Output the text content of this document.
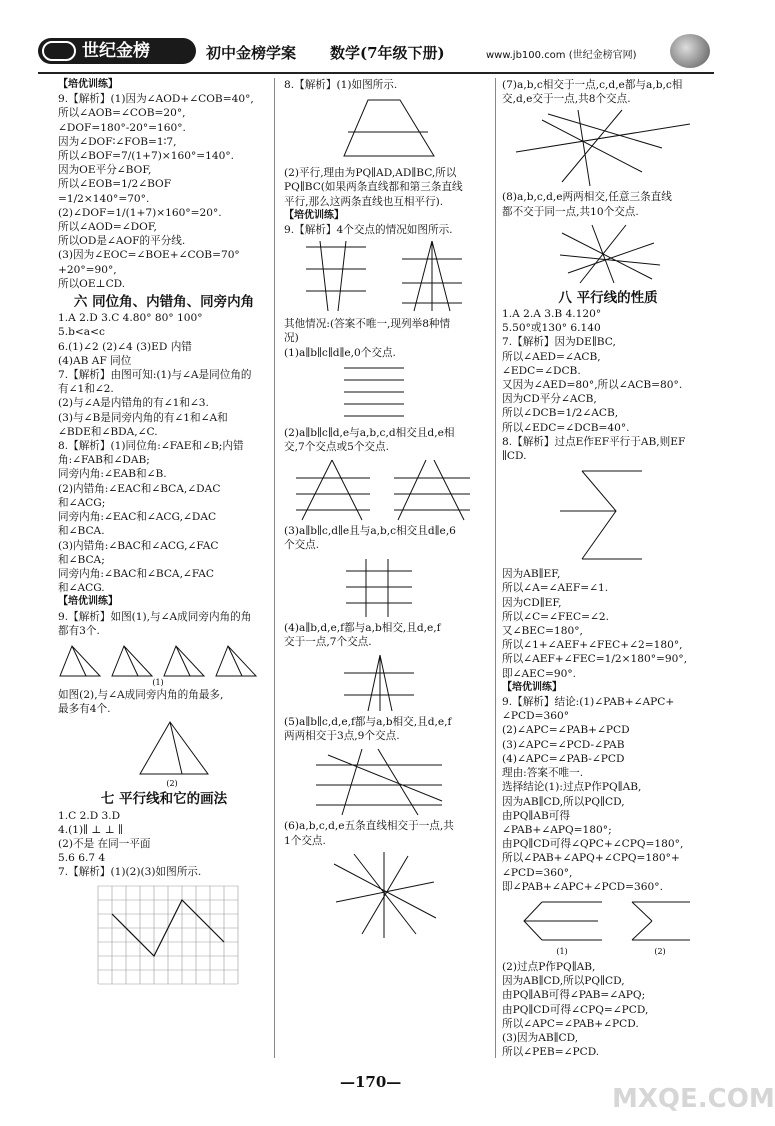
世纪金榜	初中金榜学案 数学(7年级下册)	www.jb100.com (世纪金榜官网)
【培优训练】
9.【解析】(1)因为∠AOD+∠COB=40°,
所以∠AOB=∠COB=20°,
∠DOF=180°-20°=160°.
因为∠DOF∶∠FOB=1∶7,
所以∠BOF=7/(1+7)×160°=140°.
因为OE平分∠BOF,
所以∠EOB=1/2∠BOF
=1/2×140°=70°.
(2)∠DOF=1/(1+7)×160°=20°.
所以∠AOD=∠DOF,
所以OD是∠AOF的平分线.
(3)因为∠EOC=∠BOE+∠COB=70°
+20°=90°,
所以OE⊥CD.
六 同位角、内错角、同旁内角
1.A 2.D 3.C 4.80° 80° 100°
5.b<a<c
6.(1)∠2 (2)∠4 (3)ED 内错
(4)AB AF 同位
7.【解析】由图可知:(1)与∠A是同位角的
有∠1和∠2.
(2)与∠A是内错角的有∠1和∠3.
(3)与∠B是同旁内角的有∠1和∠A和
∠BDE和∠BDA,∠C.
8.【解析】(1)同位角:∠FAE和∠B;内错
角:∠FAB和∠DAB;
同旁内角:∠EAB和∠B.
(2)内错角:∠EAC和∠BCA,∠DAC
和∠ACG;
同旁内角:∠EAC和∠ACG,∠DAC
和∠BCA.
(3)内错角:∠BAC和∠ACG,∠FAC
和∠BCA;
同旁内角:∠BAC和∠BCA,∠FAC
和∠ACG.
【培优训练】
9.【解析】如图(1),与∠A成同旁内角的角
都有3个.
(1)
如图(2),与∠A成同旁内角的角最多,
最多有4个.
(2)
七 平行线和它的画法
1.C 2.D 3.D
4.(1)∥ ⊥ ⊥ ∥
(2)不是 在同一平面
5.6 6.7 4
7.【解析】(1)(2)(3)如图所示.
8.【解析】(1)如图所示.
(2)平行,理由为PQ∥AD,AD∥BC,所以
PQ∥BC(如果两条直线都和第三条直线
平行,那么这两条直线也互相平行).
【培优训练】
9.【解析】4个交点的情况如图所示.
其他情况:(答案不唯一,现列举8种情
况)
(1)a∥b∥c∥d∥e,0个交点.
(2)a∥b∥c∥d,e与a,b,c,d相交且d,e相
交,7个交点或5个交点.
(3)a∥b∥c,d∥e且与a,b,c相交且d∥e,6
个交点.
(4)a∥b,d,e,f都与a,b相交,且d,e,f
交于一点,7个交点.
(5)a∥b∥c,d,e,f都与a,b相交,且d,e,f
两两相交于3点,9个交点.
(6)a,b,c,d,e五条直线相交于一点,共
1个交点.
(7)a,b,c相交于一点,c,d,e都与a,b,c相
交,d,e交于一点,共8个交点.
(8)a,b,c,d,e两两相交,任意三条直线
都不交于同一点,共10个交点.
八 平行线的性质
1.A 2.A 3.B 4.120°
5.50°或130° 6.140
7.【解析】因为DE∥BC,
所以∠AED=∠ACB,
∠EDC=∠DCB.
又因为∠AED=80°,所以∠ACB=80°.
因为CD平分∠ACB,
所以∠DCB=1/2∠ACB,
所以∠EDC=∠DCB=40°.
8.【解析】过点E作EF平行于AB,则EF
∥CD.
因为AB∥EF,
所以∠A=∠AEF=∠1.
因为CD∥EF,
所以∠C=∠FEC=∠2.
又∠BEC=180°,
所以∠1+∠AEF+∠FEC+∠2=180°,
所以∠AEF+∠FEC=1/2×180°=90°,
即∠AEC=90°.
【培优训练】
9.【解析】结论:(1)∠PAB+∠APC+
∠PCD=360°
(2)∠APC=∠PAB+∠PCD
(3)∠APC=∠PCD-∠PAB
(4)∠APC=∠PAB-∠PCD
理由:答案不唯一.
选择结论(1):过点P作PQ∥AB,
因为AB∥CD,所以PQ∥CD,
由PQ∥AB可得
∠PAB+∠APQ=180°;
由PQ∥CD可得∠QPC+∠CPQ=180°,
所以∠PAB+∠APQ+∠CPQ=180°+
∠PCD=360°,
即∠PAB+∠APC+∠PCD=360°.
(1)	(2)
(2)过点P作PQ∥AB,
因为AB∥CD,所以PQ∥CD,
由PQ∥AB可得∠PAB=∠APQ;
由PQ∥CD可得∠CPQ=∠PCD,
所以∠APC=∠PAB+∠PCD.
(3)因为AB∥CD,
所以∠PEB=∠PCD.
—170—
MXQE.COM
